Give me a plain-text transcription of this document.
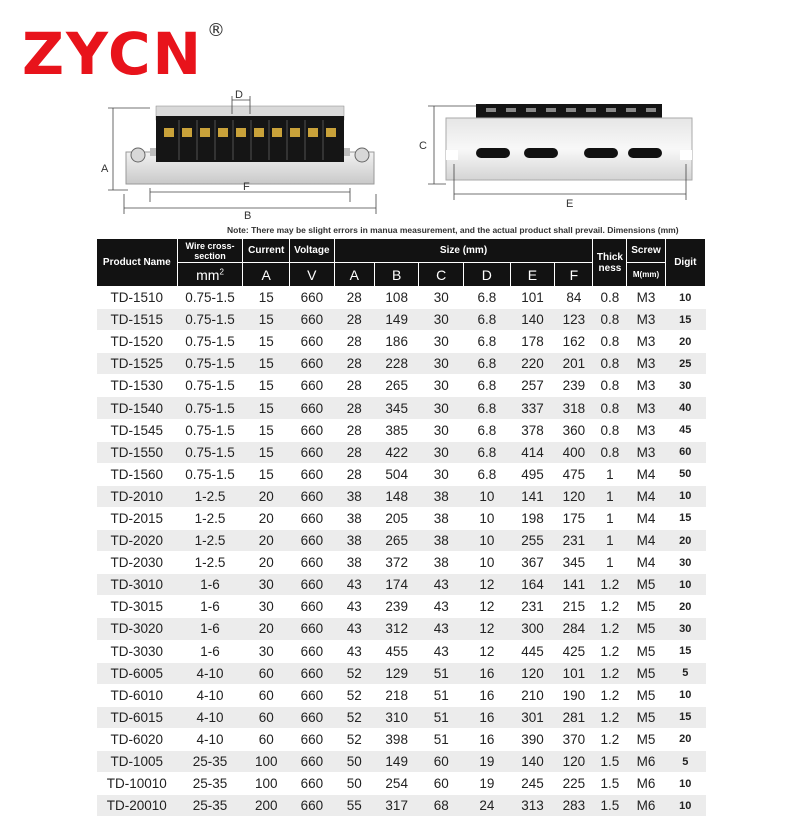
ZYCN ®
A
B
D
F
C
E
Note: There may be slight errors in manua measurement, and the actual product shall prevail. Dimensions (mm)
Product Name	Wire cross-section	Current	Voltage	Size (mm)						Thick ness	Screw	Digit
	$mm^2$	A	V	A	B	C	D	E	F		M(mm)	
TD-1510	0.75-1.5	15	660	28	108	30	6.8	101	84	0.8	M3	10
TD-1515	0.75-1.5	15	660	28	149	30	6.8	140	123	0.8	M3	15
TD-1520	0.75-1.5	15	660	28	186	30	6.8	178	162	0.8	M3	20
TD-1525	0.75-1.5	15	660	28	228	30	6.8	220	201	0.8	M3	25
TD-1530	0.75-1.5	15	660	28	265	30	6.8	257	239	0.8	M3	30
TD-1540	0.75-1.5	15	660	28	345	30	6.8	337	318	0.8	M3	40
TD-1545	0.75-1.5	15	660	28	385	30	6.8	378	360	0.8	M3	45
TD-1550	0.75-1.5	15	660	28	422	30	6.8	414	400	0.8	M3	60
TD-1560	0.75-1.5	15	660	28	504	30	6.8	495	475	1	M4	50
TD-2010	1-2.5	20	660	38	148	38	10	141	120	1	M4	10
TD-2015	1-2.5	20	660	38	205	38	10	198	175	1	M4	15
TD-2020	1-2.5	20	660	38	265	38	10	255	231	1	M4	20
TD-2030	1-2.5	20	660	38	372	38	10	367	345	1	M4	30
TD-3010	1-6	30	660	43	174	43	12	164	141	1.2	M5	10
TD-3015	1-6	30	660	43	239	43	12	231	215	1.2	M5	20
TD-3020	1-6	20	660	43	312	43	12	300	284	1.2	M5	30
TD-3030	1-6	30	660	43	455	43	12	445	425	1.2	M5	15
TD-6005	4-10	60	660	52	129	51	16	120	101	1.2	M5	5
TD-6010	4-10	60	660	52	218	51	16	210	190	1.2	M5	10
TD-6015	4-10	60	660	52	310	51	16	301	281	1.2	M5	15
TD-6020	4-10	60	660	52	398	51	16	390	370	1.2	M5	20
TD-1005	25-35	100	660	50	149	60	19	140	120	1.5	M6	5
TD-10010	25-35	100	660	50	254	60	19	245	225	1.5	M6	10
TD-20010	25-35	200	660	55	317	68	24	313	283	1.5	M6	10
